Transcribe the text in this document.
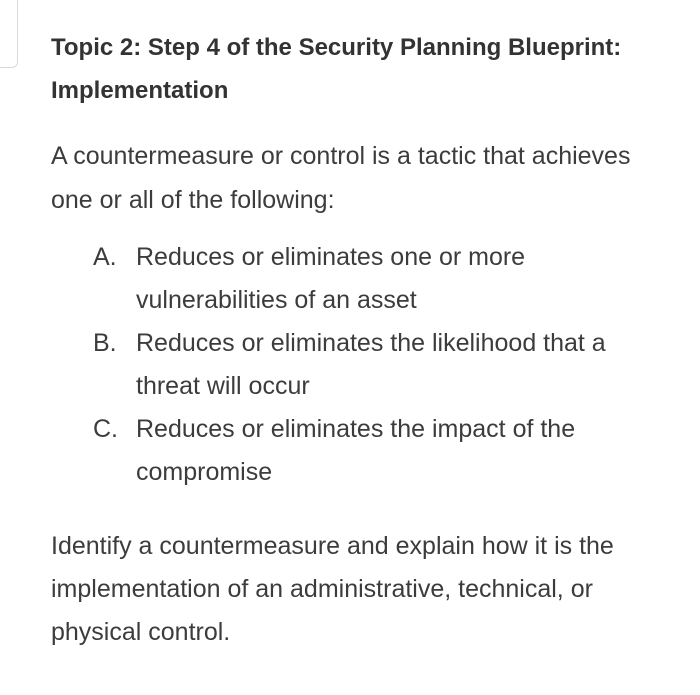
Topic 2: Step 4 of the Security Planning Blueprint: Implementation

A countermeasure or control is a tactic that achieves one or all of the following:

A. Reduces or eliminates one or more vulnerabilities of an asset
B. Reduces or eliminates the likelihood that a threat will occur
C. Reduces or eliminates the impact of the compromise

Identify a countermeasure and explain how it is the implementation of an administrative, technical, or physical control.
